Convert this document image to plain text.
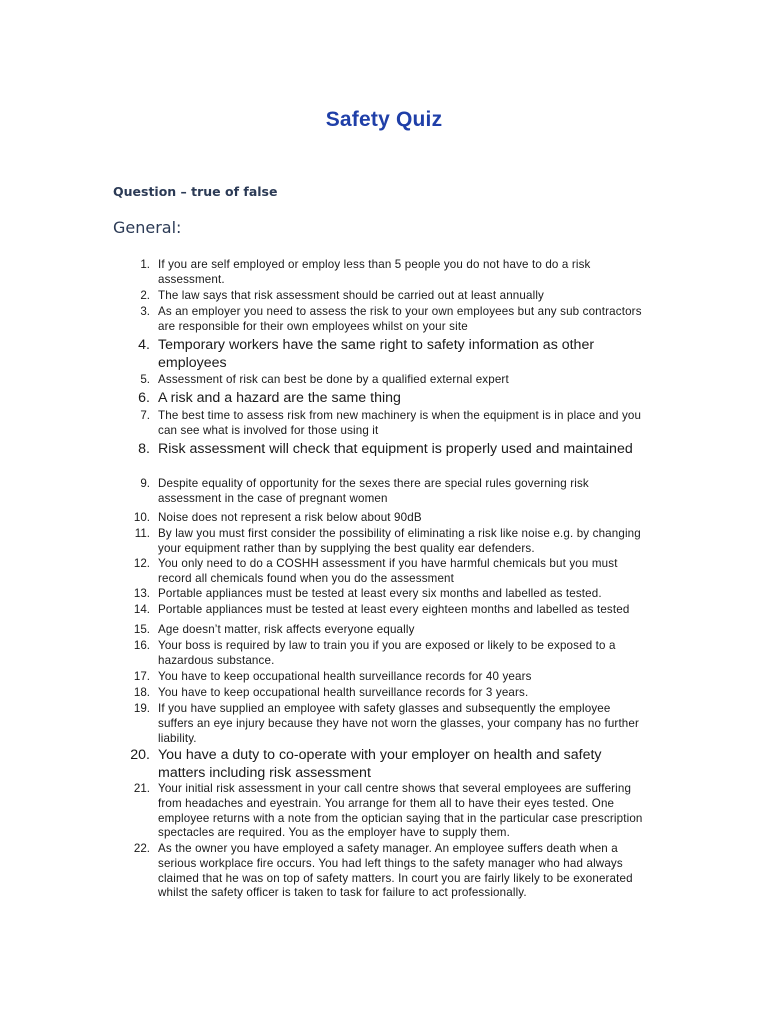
Safety Quiz
Question – true of false
General:
1. If you are self employed or employ less than 5 people you do not have to do a risk assessment.

2. The law says that risk assessment should be carried out at least annually

3. As an employer you need to assess the risk to your own employees but any sub contractors are responsible for their own employees whilst on your site

4. Temporary workers have the same right to safety information as other employees

5. Assessment of risk can best be done by a qualified external expert

6. A risk and a hazard are the same thing

7. The best time to assess risk from new machinery is when the equipment is in place and you can see what is involved for those using it

8. Risk assessment will check that equipment is properly used and maintained

9. Despite equality of opportunity for the sexes there are special rules governing risk assessment in the case of pregnant women

10. Noise does not represent a risk below about 90dB

11. By law you must first consider the possibility of eliminating a risk like noise e.g. by changing your equipment rather than by supplying the best quality ear defenders.

12. You only need to do a COSHH assessment if you have harmful chemicals but you must record all chemicals found when you do the assessment

13. Portable appliances must be tested at least every six months and labelled as tested.

14. Portable appliances must be tested at least every eighteen months and labelled as tested

15. Age doesn’t matter, risk affects everyone equally

16. Your boss is required by law to train you if you are exposed or likely to be exposed to a hazardous substance.

17. You have to keep occupational health surveillance records for 40 years

18. You have to keep occupational health surveillance records for 3 years.

19. If you have supplied an employee with safety glasses and subsequently the employee suffers an eye injury because they have not worn the glasses, your company has no further liability.

20. You have a duty to co-operate with your employer on health and safety matters including risk assessment

21. Your initial risk assessment in your call centre shows that several employees are suffering from headaches and eyestrain. You arrange for them all to have their eyes tested. One employee returns with a note from the optician saying that in the particular case prescription spectacles are required. You as the employer have to supply them.

22. As the owner you have employed a safety manager. An employee suffers death when a serious workplace fire occurs. You had left things to the safety manager who had always claimed that he was on top of safety matters. In court you are fairly likely to be exonerated whilst the safety officer is taken to task for failure to act professionally.
